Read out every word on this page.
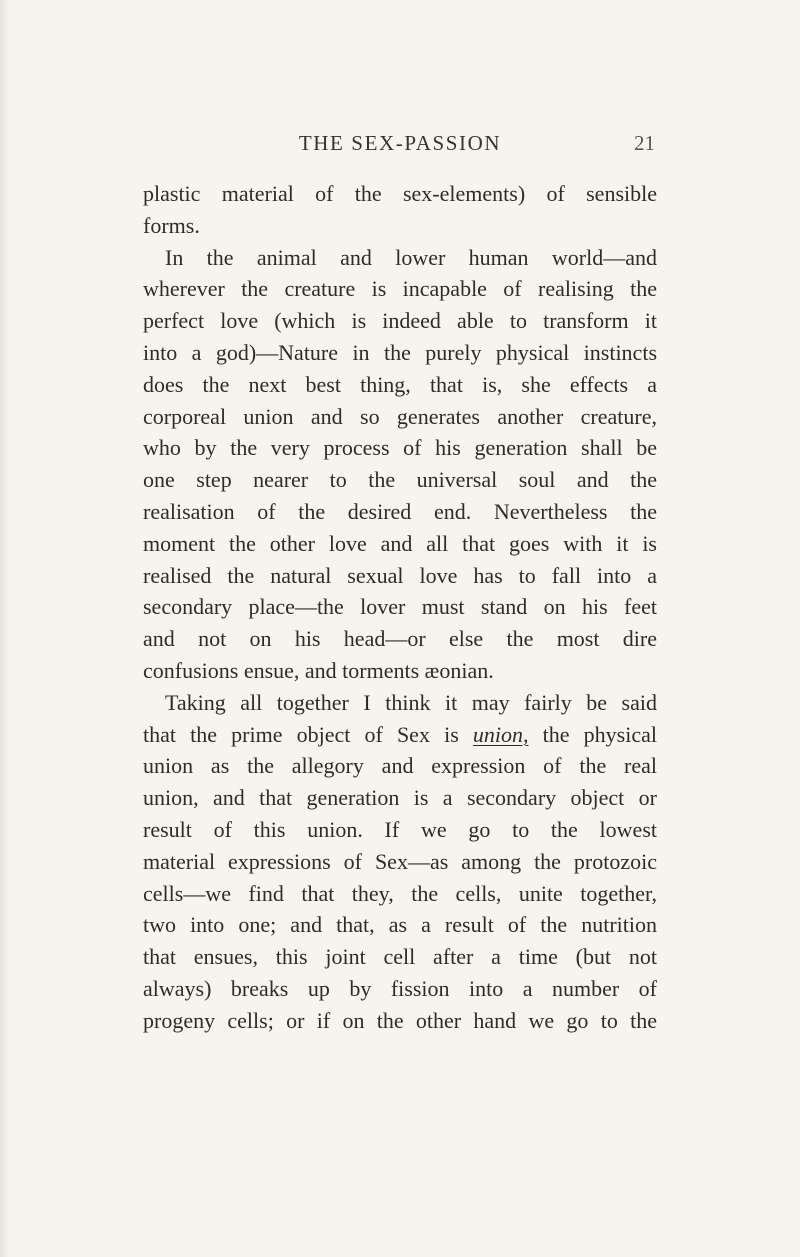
THE SEX-PASSION	21
plastic material of the sex-elements) of sensible
forms.
In the animal and lower human world—and
wherever the creature is incapable of realising the
perfect love (which is indeed able to transform it
into a god)—Nature in the purely physical instincts
does the next best thing, that is, she effects a
corporeal union and so generates another creature,
who by the very process of his generation shall be
one step nearer to the universal soul and the
realisation of the desired end. Nevertheless the
moment the other love and all that goes with it is
realised the natural sexual love has to fall into a
secondary place—the lover must stand on his feet
and not on his head—or else the most dire
confusions ensue, and torments æonian.
Taking all together I think it may fairly be said
that the prime object of Sex is union, the physical
union as the allegory and expression of the real
union, and that generation is a secondary object or
result of this union. If we go to the lowest
material expressions of Sex—as among the protozoic
cells—we find that they, the cells, unite together,
two into one; and that, as a result of the nutrition
that ensues, this joint cell after a time (but not
always) breaks up by fission into a number of
progeny cells; or if on the other hand we go to the
